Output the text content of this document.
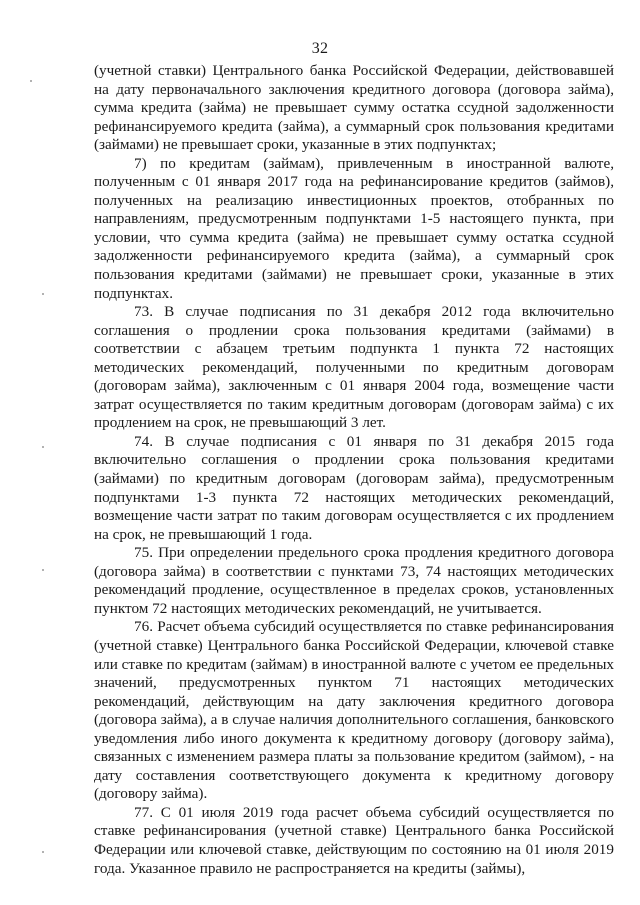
32

(учетной ставки) Центрального банка Российской Федерации, действовавшей на дату первоначального заключения кредитного договора (договора займа), сумма кредита (займа) не превышает сумму остатка ссудной задолженности рефинансируемого кредита (займа), а суммарный срок пользования кредитами (займами) не превышает сроки, указанные в этих подпунктах;

7) по кредитам (займам), привлеченным в иностранной валюте, полученным с 01 января 2017 года на рефинансирование кредитов (займов), полученных на реализацию инвестиционных проектов, отобранных по направлениям, предусмотренным подпунктами 1-5 настоящего пункта, при условии, что сумма кредита (займа) не превышает сумму остатка ссудной задолженности рефинансируемого кредита (займа), а суммарный срок пользования кредитами (займами) не превышает сроки, указанные в этих подпунктах.

73. В случае подписания по 31 декабря 2012 года включительно соглашения о продлении срока пользования кредитами (займами) в соответствии с абзацем третьим подпункта 1 пункта 72 настоящих методических рекомендаций, полученными по кредитным договорам (договорам займа), заключенным с 01 января 2004 года, возмещение части затрат осуществляется по таким кредитным договорам (договорам займа) с их продлением на срок, не превышающий 3 лет.

74. В случае подписания с 01 января по 31 декабря 2015 года включительно соглашения о продлении срока пользования кредитами (займами) по кредитным договорам (договорам займа), предусмотренным подпунктами 1-3 пункта 72 настоящих методических рекомендаций, возмещение части затрат по таким договорам осуществляется с их продлением на срок, не превышающий 1 года.

75. При определении предельного срока продления кредитного договора (договора займа) в соответствии с пунктами 73, 74 настоящих методических рекомендаций продление, осуществленное в пределах сроков, установленных пунктом 72 настоящих методических рекомендаций, не учитывается.

76. Расчет объема субсидий осуществляется по ставке рефинансирования (учетной ставке) Центрального банка Российской Федерации, ключевой ставке или ставке по кредитам (займам) в иностранной валюте с учетом ее предельных значений, предусмотренных пунктом 71 настоящих методических рекомендаций, действующим на дату заключения кредитного договора (договора займа), а в случае наличия дополнительного соглашения, банковского уведомления либо иного документа к кредитному договору (договору займа), связанных с изменением размера платы за пользование кредитом (займом), - на дату составления соответствующего документа к кредитному договору (договору займа).

77. С 01 июля 2019 года расчет объема субсидий осуществляется по ставке рефинансирования (учетной ставке) Центрального банка Российской Федерации или ключевой ставке, действующим по состоянию на 01 июля 2019 года. Указанное правило не распространяется на кредиты (займы),
